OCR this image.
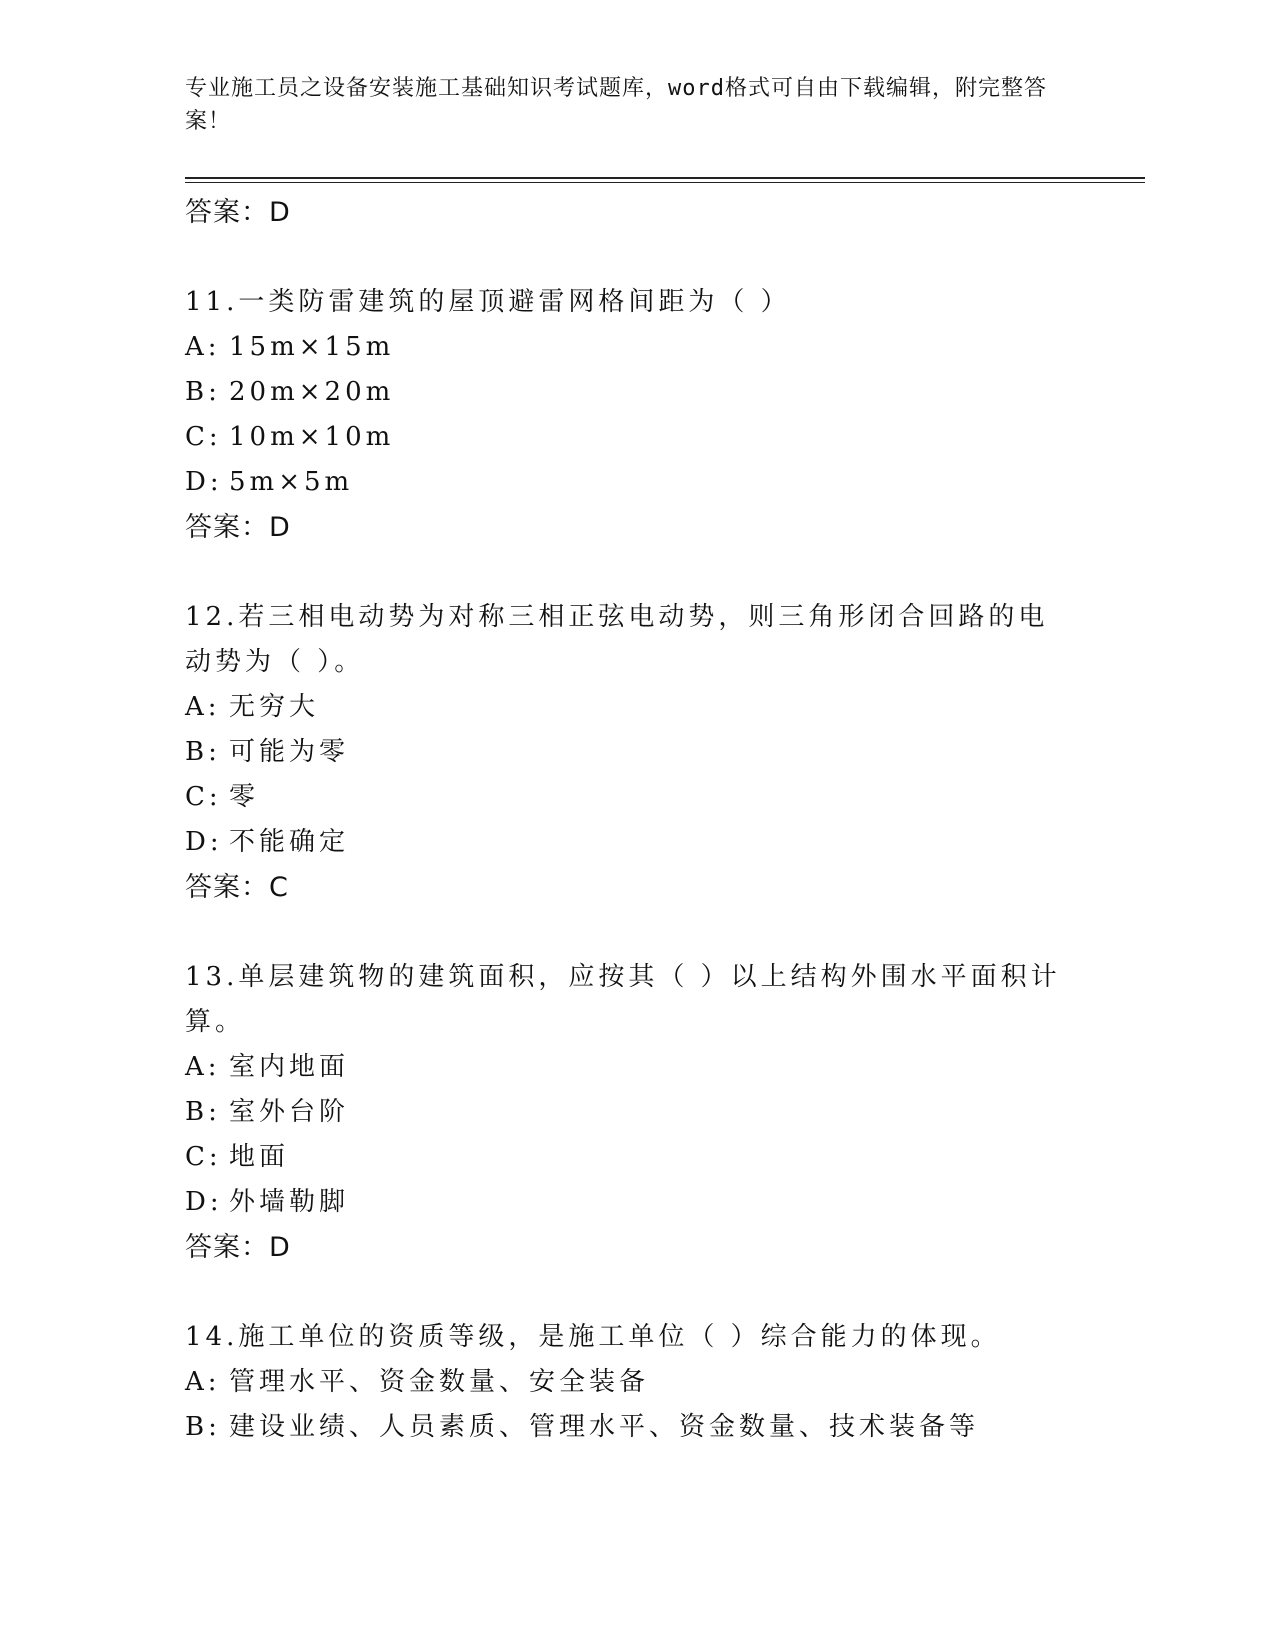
专业施工员之设备安装施工基础知识考试题库，word格式可自由下载编辑，附完整答案！

答案：D

11.一类防雷建筑的屋顶避雷网格间距为（ ）

A: 15m×15m

B: 20m×20m

C: 10m×10m

D: 5m×5m

答案：D

12.若三相电动势为对称三相正弦电动势，则三角形闭合回路的电动势为（ ）。

A: 无穷大

B: 可能为零

C: 零

D: 不能确定

答案：C

13.单层建筑物的建筑面积，应按其（ ）以上结构外围水平面积计算。

A: 室内地面

B: 室外台阶

C: 地面

D: 外墙勒脚

答案：D

14.施工单位的资质等级，是施工单位（ ）综合能力的体现。

A: 管理水平、资金数量、安全装备

B: 建设业绩、人员素质、管理水平、资金数量、技术装备等
